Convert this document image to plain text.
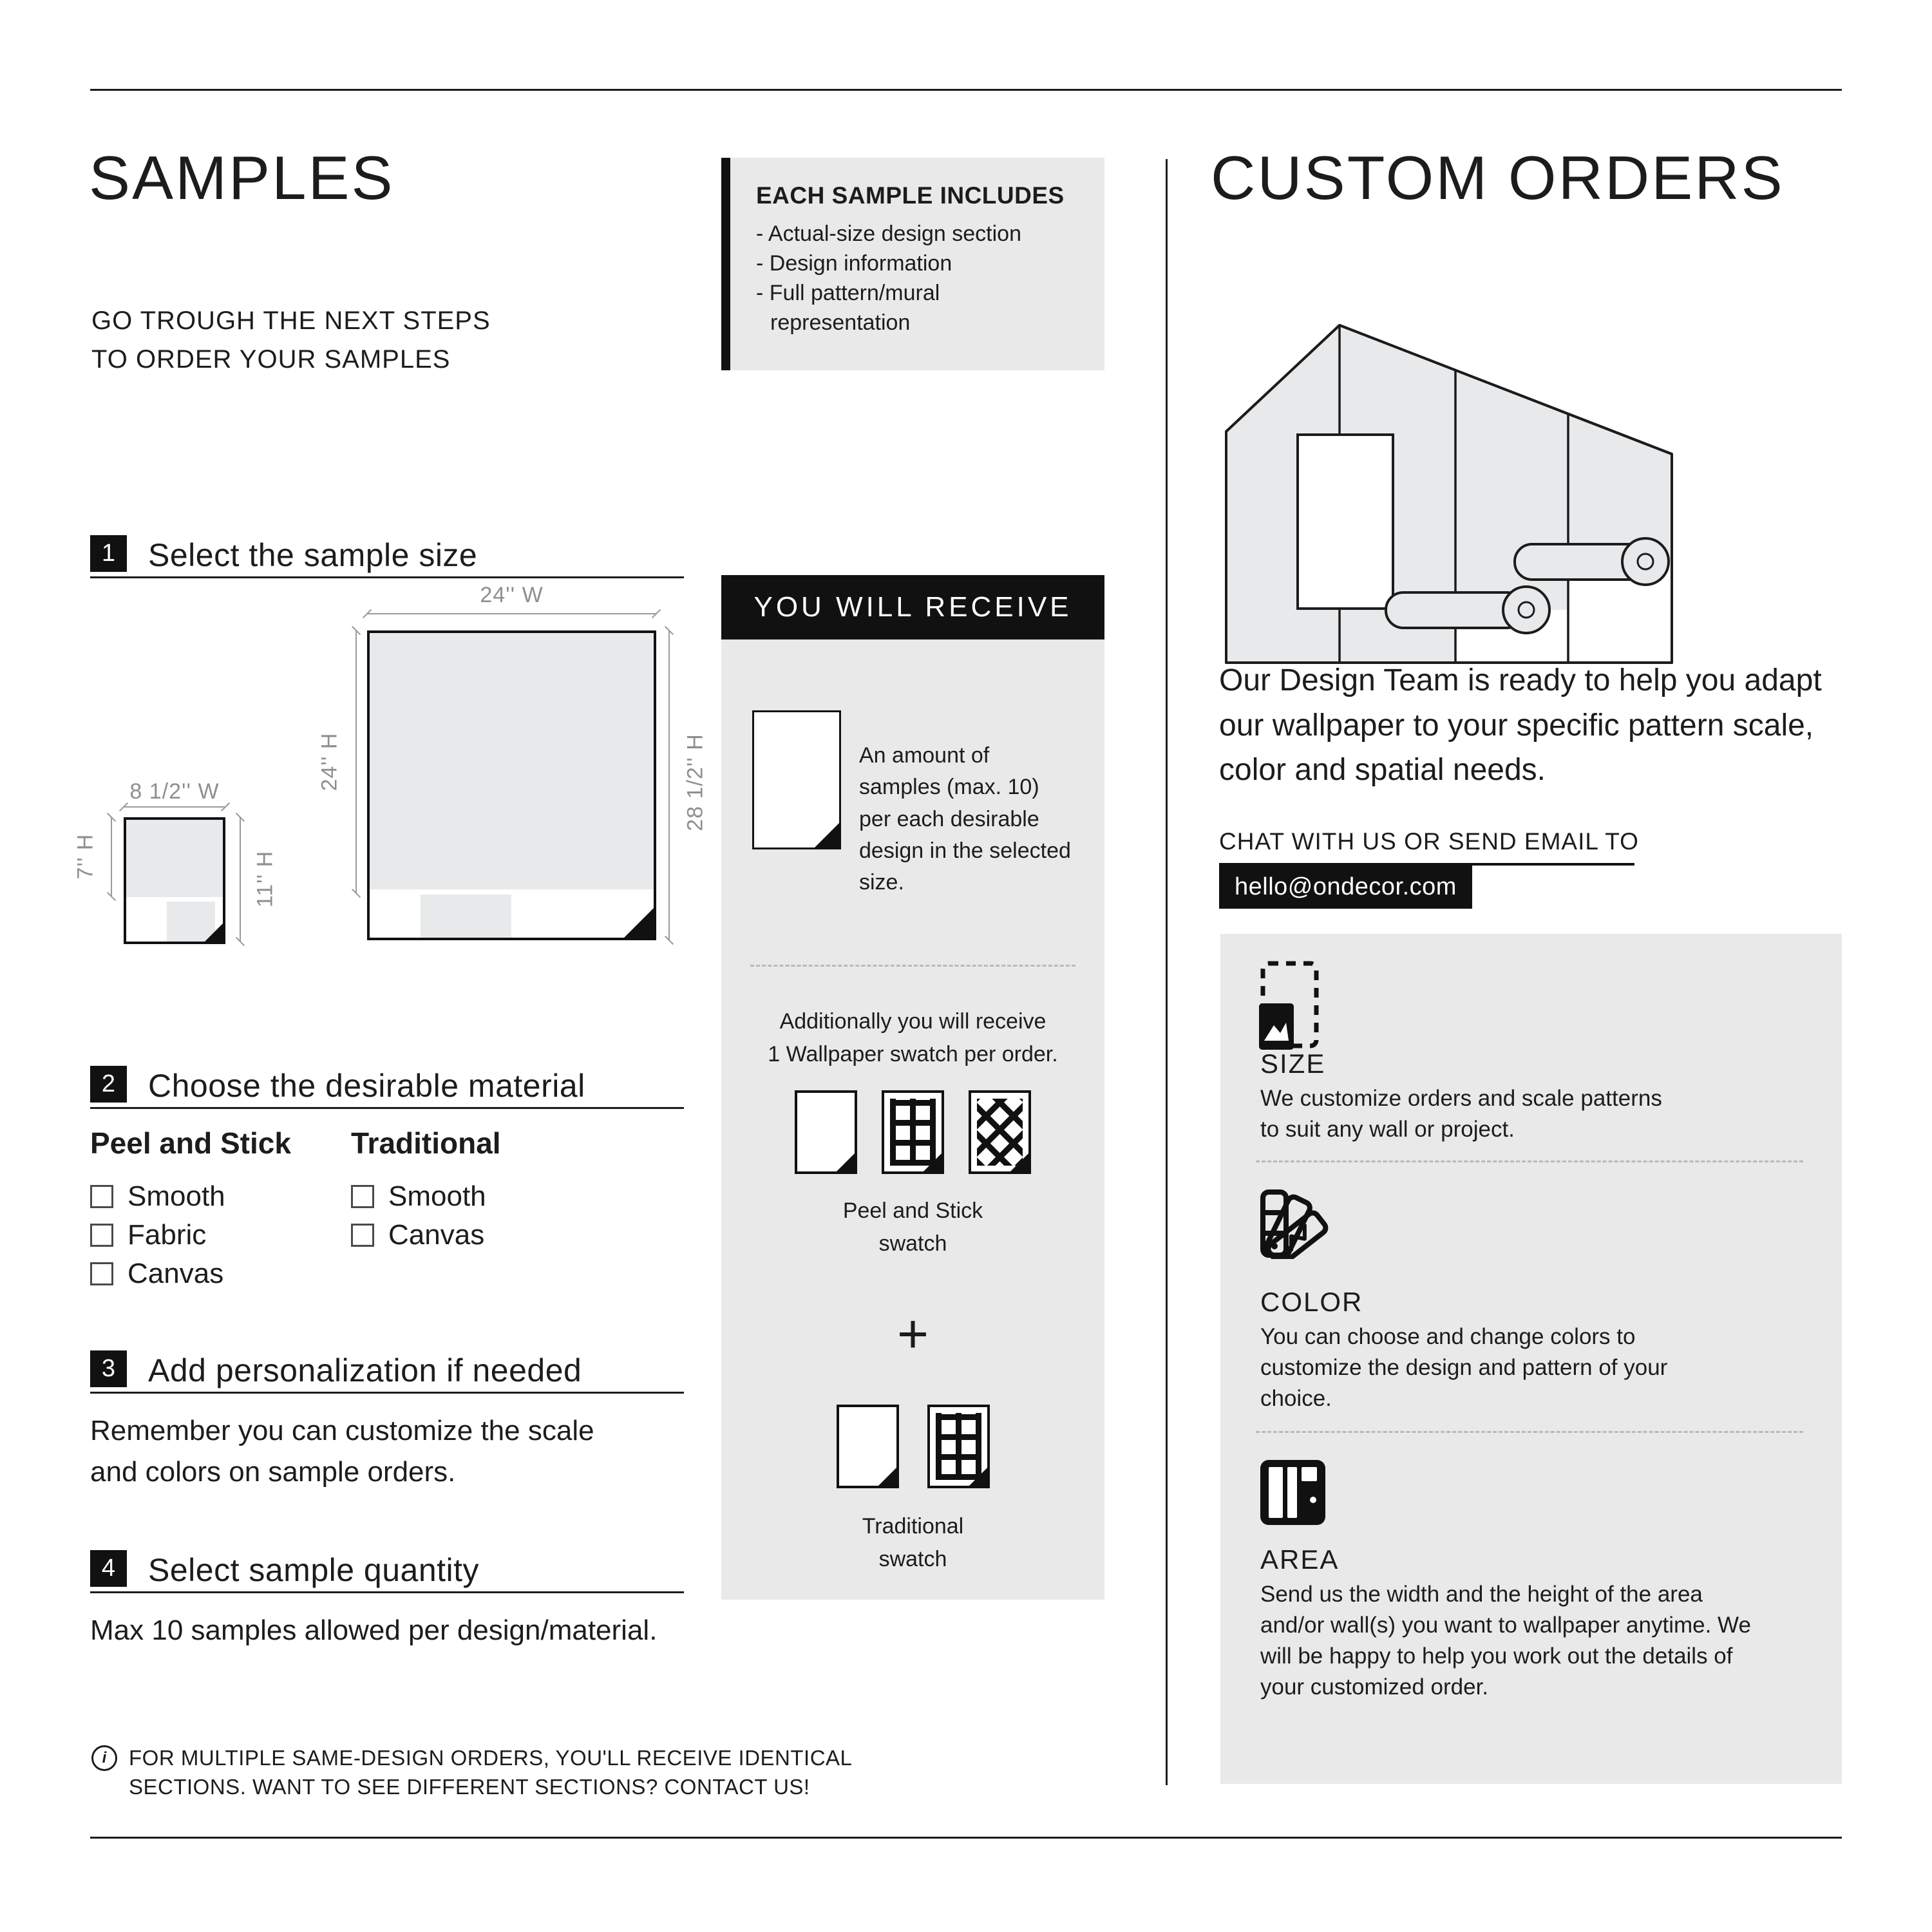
SAMPLES
GO TROUGH THE NEXT STEPS
TO ORDER YOUR SAMPLES
1 Select the sample size
24'' W
24'' H	28 1/2'' H
8 1/2'' W
7'' H	11'' H
2 Choose the desirable material
Peel and Stick
Smooth
Fabric
Canvas
Traditional
Smooth
Canvas
3 Add personalization if needed
Remember you can customize the scale
and colors on sample orders.
4 Select sample quantity
Max 10 samples allowed per design/material.
i	FOR MULTIPLE SAME-DESIGN ORDERS, YOU'LL RECEIVE IDENTICAL
SECTIONS. WANT TO SEE DIFFERENT SECTIONS? CONTACT US!
EACH SAMPLE INCLUDES
- Actual-size design section
- Design information
- Full pattern/mural representation
YOU WILL RECEIVE
An amount of samples (max. 10) per each desirable design in the selected size.
Additionally you will receive
1 Wallpaper swatch per order.
Peel and Stick
swatch
+
Traditional
swatch
CUSTOM ORDERS
Our Design Team is ready to help you adapt our wallpaper to your specific pattern scale, color and spatial needs.
CHAT WITH US OR SEND EMAIL TO
hello@ondecor.com
SIZE
We customize orders and scale patterns to suit any wall or project.
COLOR
You can choose and change colors to customize the design and pattern of your choice.
AREA
Send us the width and the height of the area and/or wall(s) you want to wallpaper anytime. We will be happy to help you work out the details of your customized order.
